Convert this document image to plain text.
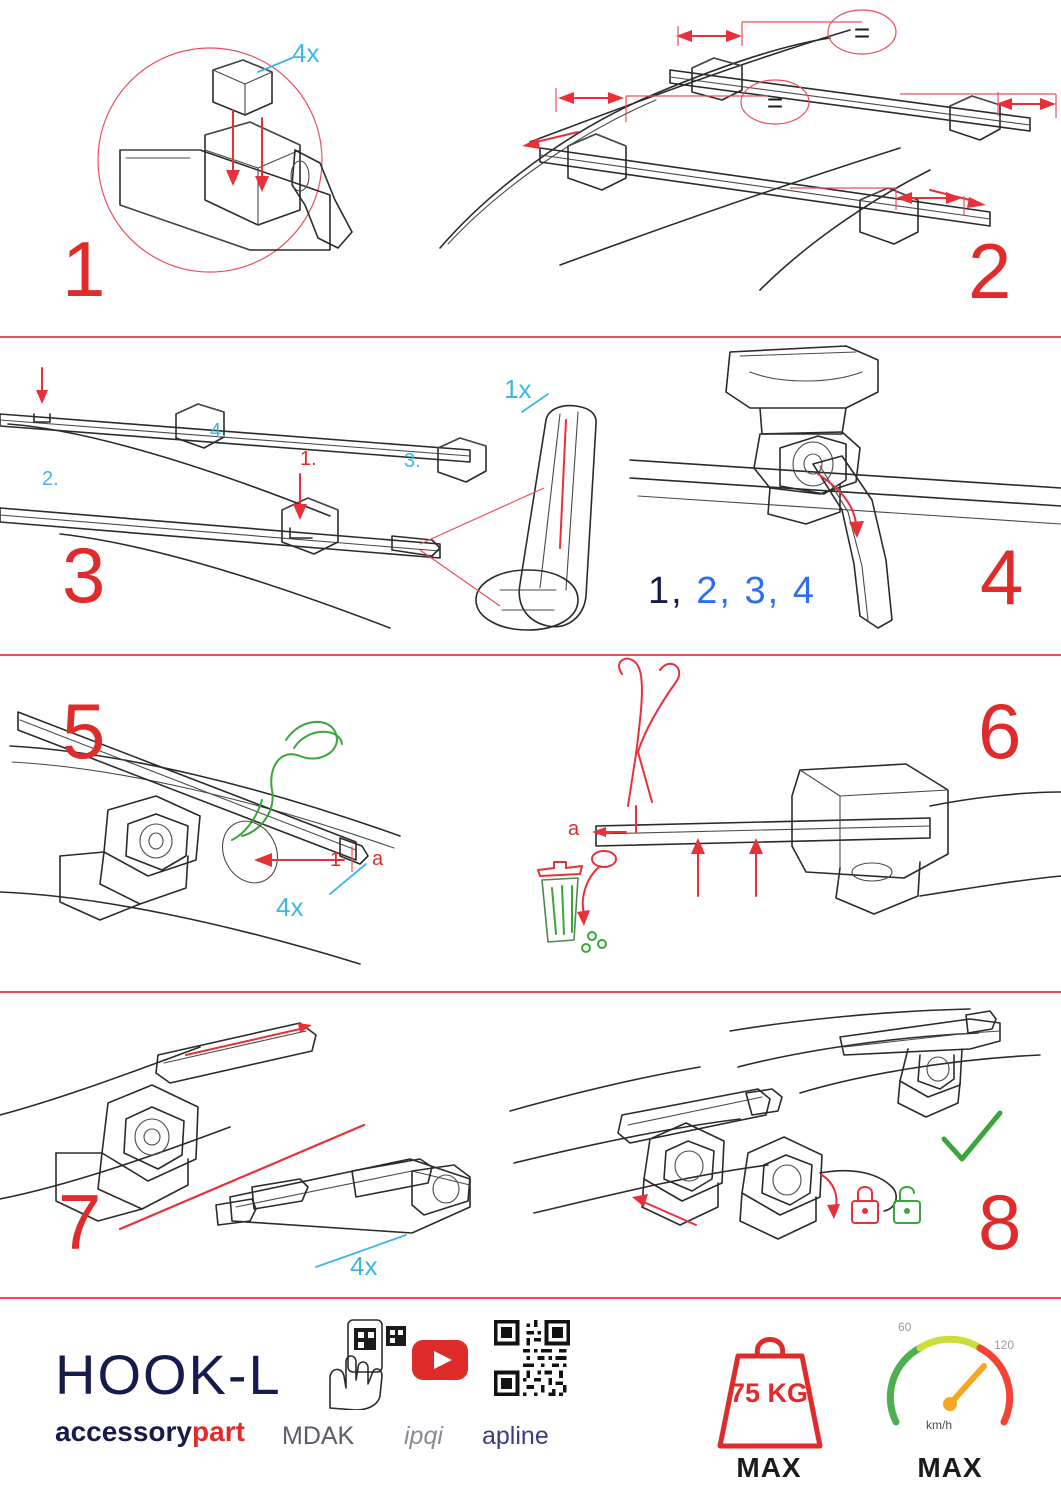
4x
1
=
=
2
1.
2.
3.
4.
1x
3	1, 2, 3, 4 4
1 a
4x
5
a
6
4x
7	8
HOOK-L
accessorypart MDAK ipqi apline
75 KG
MAX
km/h
60
120
MAX
